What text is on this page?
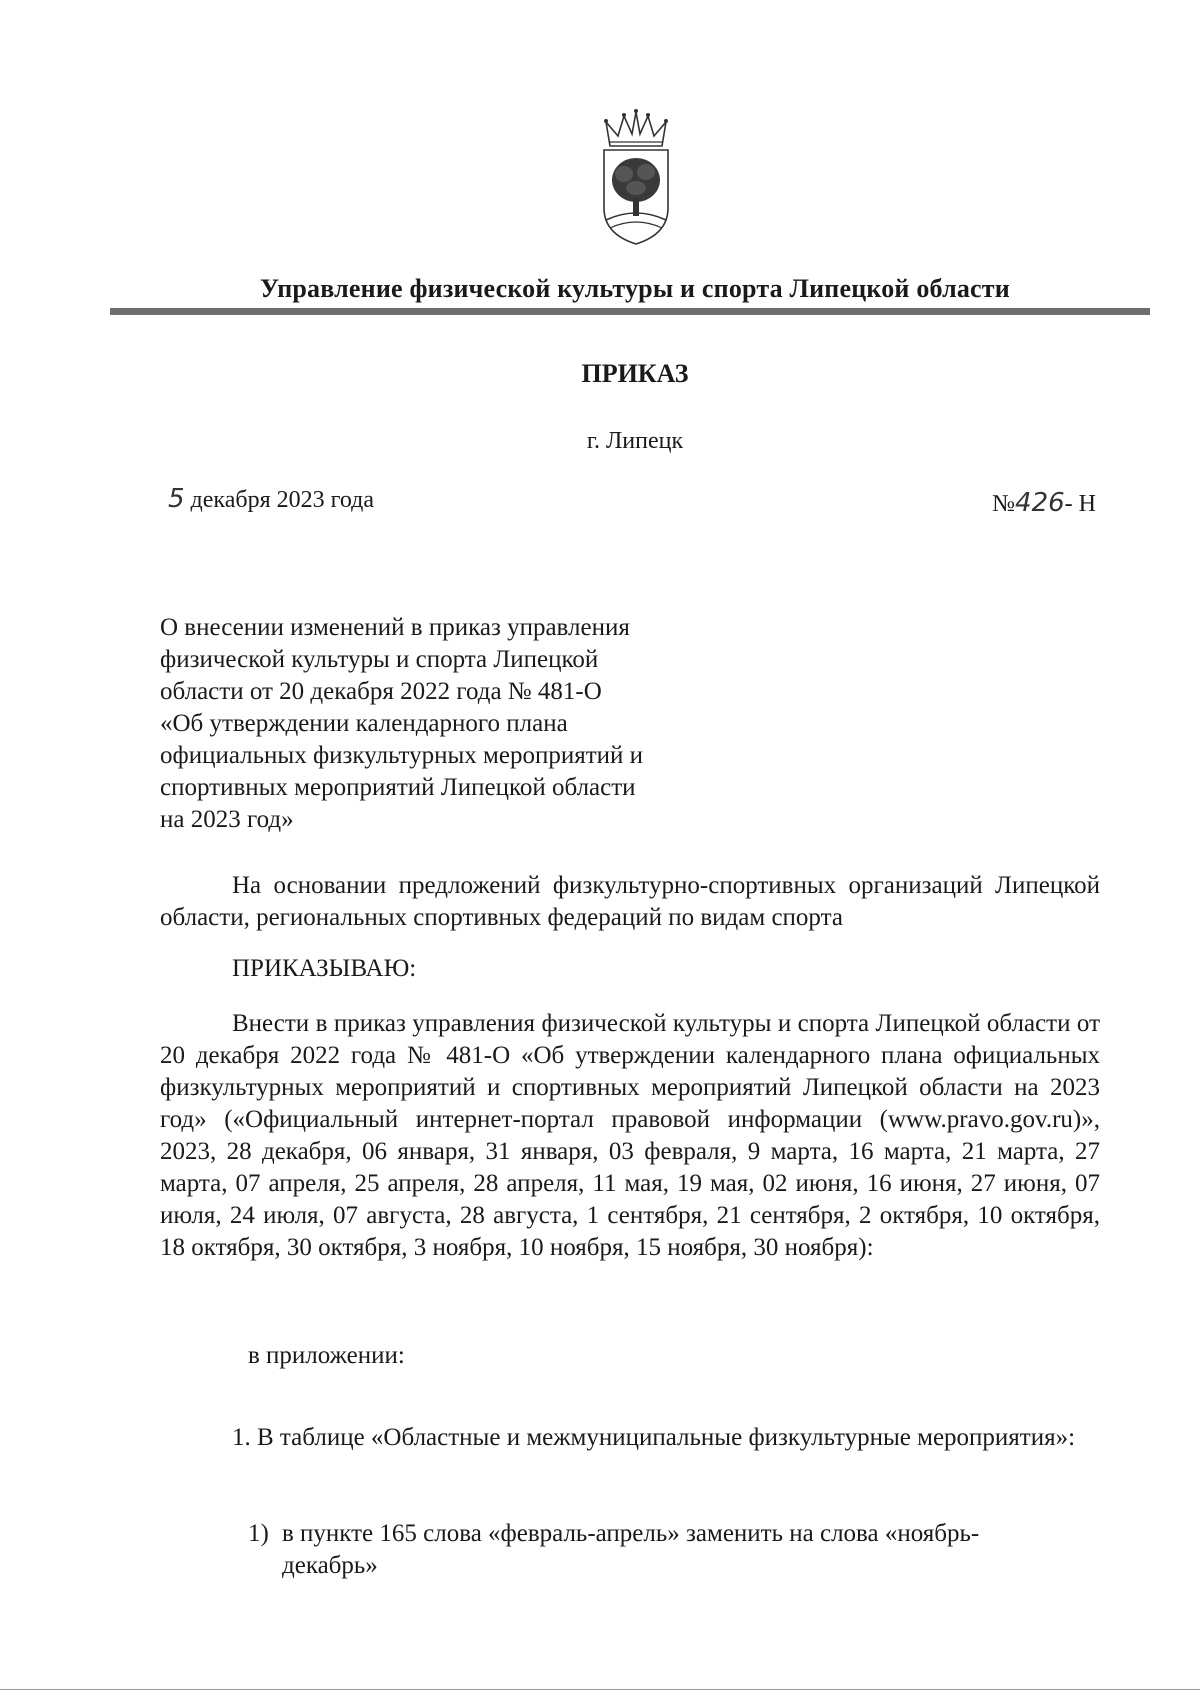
Управление физической культуры и спорта Липецкой области
ПРИКАЗ
г. Липецк
5 декабря 2023 года	№426- Н
О внесении изменений в приказ управления
физической культуры и спорта Липецкой
области от 20 декабря 2022 года № 481-О
«Об утверждении календарного плана
официальных физкультурных мероприятий и
спортивных мероприятий Липецкой области
на 2023 год»
На основании предложений физкультурно-спортивных организаций Липецкой области, региональных спортивных федераций по видам спорта
ПРИКАЗЫВАЮ:
Внести в приказ управления физической культуры и спорта Липецкой области от 20 декабря 2022 года № 481-О «Об утверждении календарного плана официальных физкультурных мероприятий и спортивных мероприятий Липецкой области на 2023 год» («Официальный интернет-портал правовой информации (www.pravo.gov.ru)», 2023, 28 декабря, 06 января, 31 января, 03 февраля, 9 марта, 16 марта, 21 марта, 27 марта, 07 апреля, 25 апреля, 28 апреля, 11 мая, 19 мая, 02 июня, 16 июня, 27 июня, 07 июля, 24 июля, 07 августа, 28 августа, 1 сентября, 21 сентября, 2 октября, 10 октября, 18 октября, 30 октября, 3 ноября, 10 ноября, 15 ноября, 30 ноября):
в приложении:
1. В таблице «Областные и межмуниципальные физкультурные мероприятия»:
1) в пункте 165 слова «февраль-апрель» заменить на слова «ноябрь-
декабрь»
